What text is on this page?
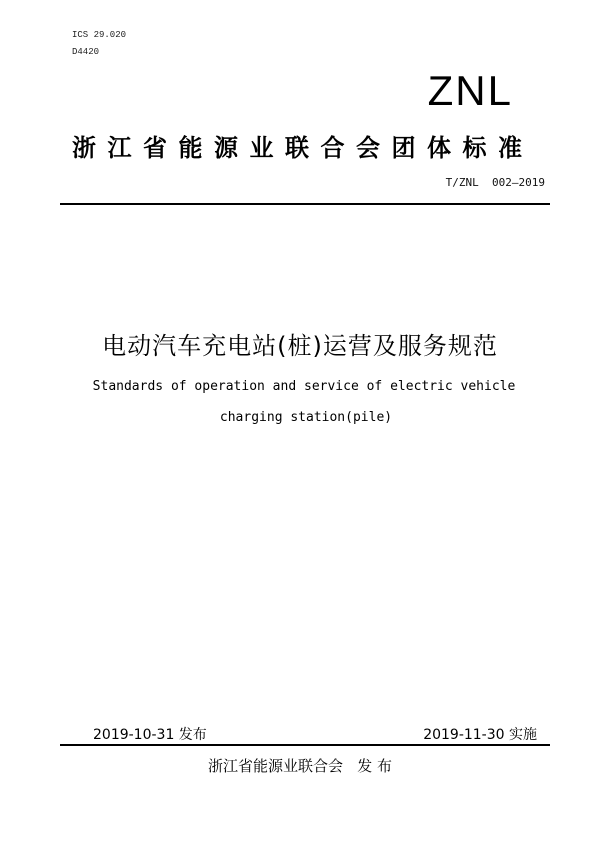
ICS 29.020
D4420
ZNL
浙江省能源业联合会团体标准
T/ZNL  002—2019
电动汽车充电站(桩)运营及服务规范
Standards of operation and service of electric vehicle
charging station(pile)
2019-10-31 发布	2019-11-30 实施
浙江省能源业联合会   发 布
